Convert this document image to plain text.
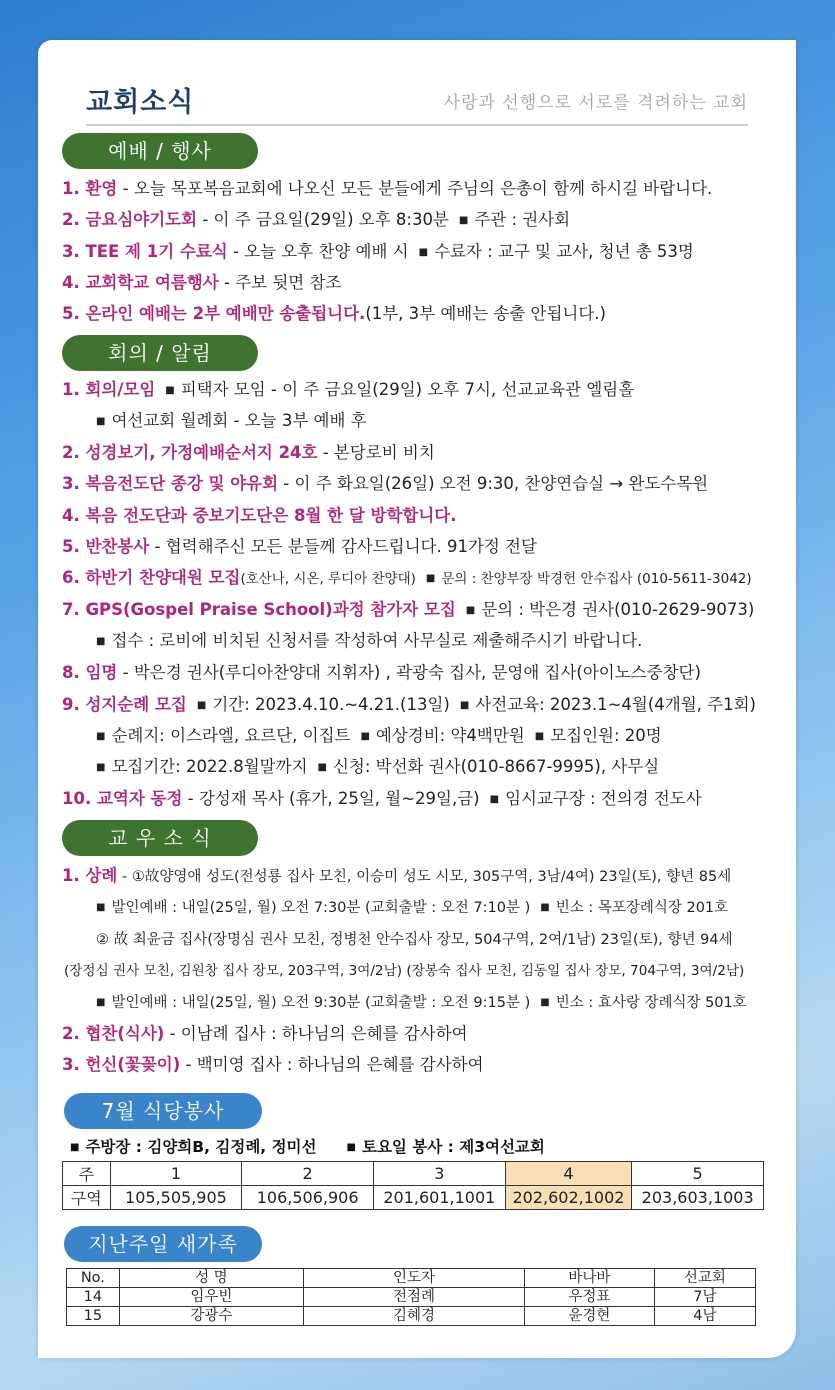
교회소식	사랑과 선행으로 서로를 격려하는 교회
예배 / 행사
1. 환영 - 오늘 목포복음교회에 나오신 모든 분들에게 주님의 은총이 함께 하시길 바랍니다.
2. 금요심야기도회 - 이 주 금요일(29일) 오후 8:30분 ■ 주관 : 권사회
3. TEE 제 1기 수료식 - 오늘 오후 찬양 예배 시 ■ 수료자 : 교구 및 교사, 청년 총 53명
4. 교회학교 여름행사 - 주보 뒷면 참조
5. 온라인 예배는 2부 예배만 송출됩니다.(1부, 3부 예배는 송출 안됩니다.)
회의 / 알림
1. 회의/모임 ■ 피택자 모임 - 이 주 금요일(29일) 오후 7시, 선교교육관 엘림홀
■ 여선교회 월례회 - 오늘 3부 예배 후
2. 성경보기, 가정예배순서지 24호 - 본당로비 비치
3. 복음전도단 종강 및 야유회 - 이 주 화요일(26일) 오전 9:30, 찬양연습실 → 완도수목원
4. 복음 전도단과 중보기도단은 8월 한 달 방학합니다.
5. 반찬봉사 - 협력해주신 모든 분들께 감사드립니다. 91가정 전달
6. 하반기 찬양대원 모집(호산나, 시온, 루디아 찬양대) ■ 문의 : 찬양부장 박경헌 안수집사 (010-5611-3042)
7. GPS(Gospel Praise School)과정 참가자 모집 ■ 문의 : 박은경 권사(010-2629-9073)
■ 접수 : 로비에 비치된 신청서를 작성하여 사무실로 제출해주시기 바랍니다.
8. 임명 - 박은경 권사(루디아찬양대 지휘자) , 곽광숙 집사, 문영애 집사(아이노스중창단)
9. 성지순례 모집 ■ 기간: 2023.4.10.~4.21.(13일) ■ 사전교육: 2023.1~4월(4개월, 주1회)
■ 순례지: 이스라엘, 요르단, 이집트 ■ 예상경비: 약4백만원 ■ 모집인원: 20명
■ 모집기간: 2022.8월말까지 ■ 신청: 박선화 권사(010-8667-9995), 사무실
10. 교역자 동정 - 강성재 목사 (휴가, 25일, 월~29일,금) ■ 임시교구장 : 전의경 전도사
교 우 소 식
1. 상례 - ①故양영애 성도(전성룡 집사 모친, 이승미 성도 시모, 305구역, 3남/4여) 23일(토), 향년 85세
■ 발인예배 : 내일(25일, 월) 오전 7:30분 (교회출발 : 오전 7:10분 ) ■ 빈소 : 목포장례식장 201호
② 故 최윤금 집사(장명심 권사 모친, 정병천 안수집사 장모, 504구역, 2여/1남) 23일(토), 향년 94세
(장정심 권사 모친, 김원창 집사 장모, 203구역, 3여/2남) (장봉숙 집사 모친, 김동일 집사 장모, 704구역, 3여/2남)
■ 발인예배 : 내일(25일, 월) 오전 9:30분 (교회출발 : 오전 9:15분 ) ■ 빈소 : 효사랑 장례식장 501호
2. 협찬(식사) - 이남례 집사 : 하나님의 은혜를 감사하여
3. 헌신(꽃꽂이) - 백미영 집사 : 하나님의 은혜를 감사하여
7월 식당봉사
■ 주방장 : 김양희B, 김정례, 정미선	■ 토요일 봉사 : 제3여선교회
주	1	2	3	4	5
구역	105,505,905	106,506,906	201,601,1001	202,602,1002	203,603,1003
지난주일 새가족
No.	성 명	인도자	바나바	선교회
14	임우빈	전점례	우정표	7남
15	강광수	김혜경	윤경현	4남
